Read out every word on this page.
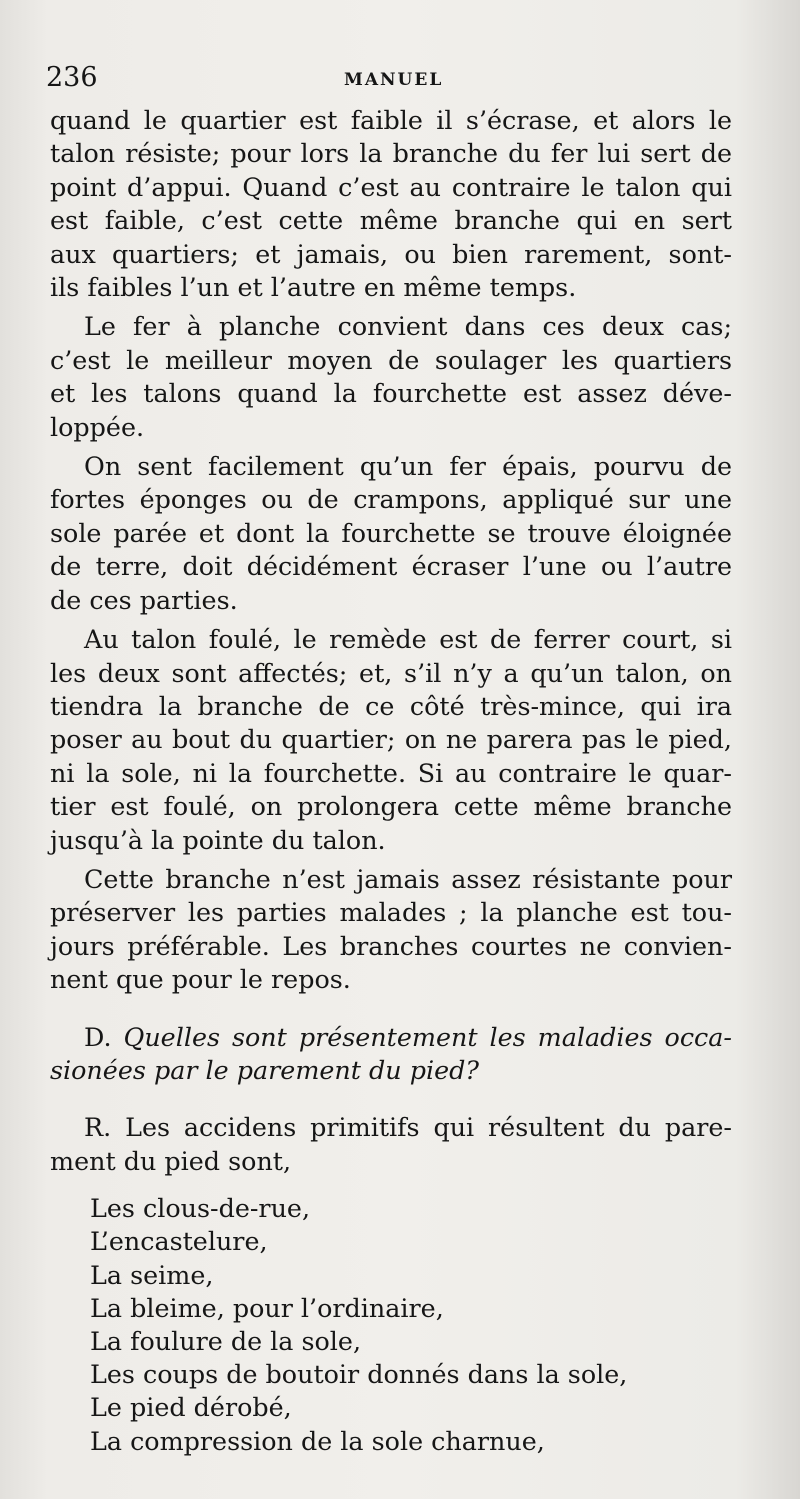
236	MANUEL

quand le quartier est faible il s’écrase, et alors le
talon résiste; pour lors la branche du fer lui sert de
point d’appui. Quand c’est au contraire le talon qui
est faible, c’est cette même branche qui en sert
aux quartiers; et jamais, ou bien rarement, sont-
ils faibles l’un et l’autre en même temps.

Le fer à planche convient dans ces deux cas;
c’est le meilleur moyen de soulager les quartiers
et les talons quand la fourchette est assez déve-
loppée.

On sent facilement qu’un fer épais, pourvu de
fortes éponges ou de crampons, appliqué sur une
sole parée et dont la fourchette se trouve éloignée
de terre, doit décidément écraser l’une ou l’autre
de ces parties.

Au talon foulé, le remède est de ferrer court, si
les deux sont affectés; et, s’il n’y a qu’un talon, on
tiendra la branche de ce côté très-mince, qui ira
poser au bout du quartier; on ne parera pas le pied,
ni la sole, ni la fourchette. Si au contraire le quar-
tier est foulé, on prolongera cette même branche
jusqu’à la pointe du talon.

Cette branche n’est jamais assez résistante pour
préserver les parties malades ; la planche est tou-
jours préférable. Les branches courtes ne convien-
nent que pour le repos.

D. Quelles sont présentement les maladies occa-
sionées par le parement du pied?

R. Les accidens primitifs qui résultent du pare-
ment du pied sont,

Les clous-de-rue,
L’encastelure,
La seime,
La bleime, pour l’ordinaire,
La foulure de la sole,
Les coups de boutoir donnés dans la sole,
Le pied dérobé,
La compression de la sole charnue,
